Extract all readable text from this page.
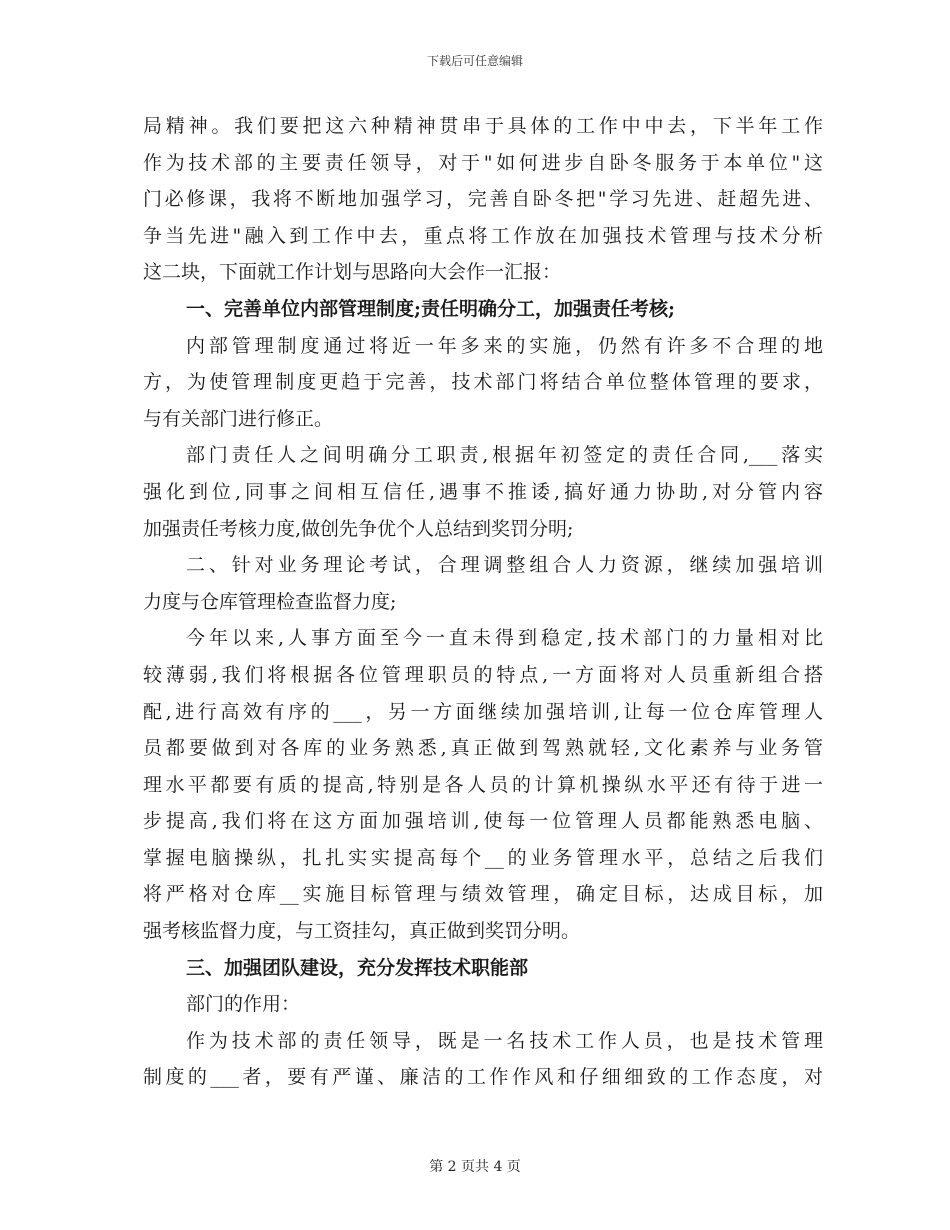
下载后可任意编辑
局精神。我们要把这六种精神贯串于具体的工作中中去，下半年工作
作为技术部的主要责任领导，对于"如何进步自卧冬服务于本单位"这
门必修课，我将不断地加强学习，完善自卧冬把"学习先进、赶超先进、
争当先进"融入到工作中去，重点将工作放在加强技术管理与技术分析
这二块，下面就工作计划与思路向大会作一汇报：
一、完善单位内部管理制度;责任明确分工，加强责任考核;
内部管理制度通过将近一年多来的实施，仍然有许多不合理的地
方，为使管理制度更趋于完善，技术部门将结合单位整体管理的要求，
与有关部门进行修正。
部门责任人之间明确分工职责,根据年初签定的责任合同,___落实
强化到位,同事之间相互信任,遇事不推诿,搞好通力协助,对分管内容
加强责任考核力度,做创先争优个人总结到奖罚分明;
二、针对业务理论考试，合理调整组合人力资源，继续加强培训
力度与仓库管理检查监督力度;
今年以来,人事方面至今一直未得到稳定,技术部门的力量相对比
较薄弱,我们将根据各位管理职员的特点,一方面将对人员重新组合搭
配,进行高效有序的___，另一方面继续加强培训,让每一位仓库管理人
员都要做到对各库的业务熟悉,真正做到驾熟就轻,文化素养与业务管
理水平都要有质的提高,特别是各人员的计算机操纵水平还有待于进一
步提高,我们将在这方面加强培训,使每一位管理人员都能熟悉电脑、
掌握电脑操纵，扎扎实实提高每个__的业务管理水平，总结之后我们
将严格对仓库__实施目标管理与绩效管理，确定目标，达成目标，加
强考核监督力度，与工资挂勾，真正做到奖罚分明。
三、加强团队建设，充分发挥技术职能部
部门的作用：
作为技术部的责任领导，既是一名技术工作人员，也是技术管理
制度的___者，要有严谨、廉洁的工作作风和仔细细致的工作态度，对
第 2 页共 4 页
